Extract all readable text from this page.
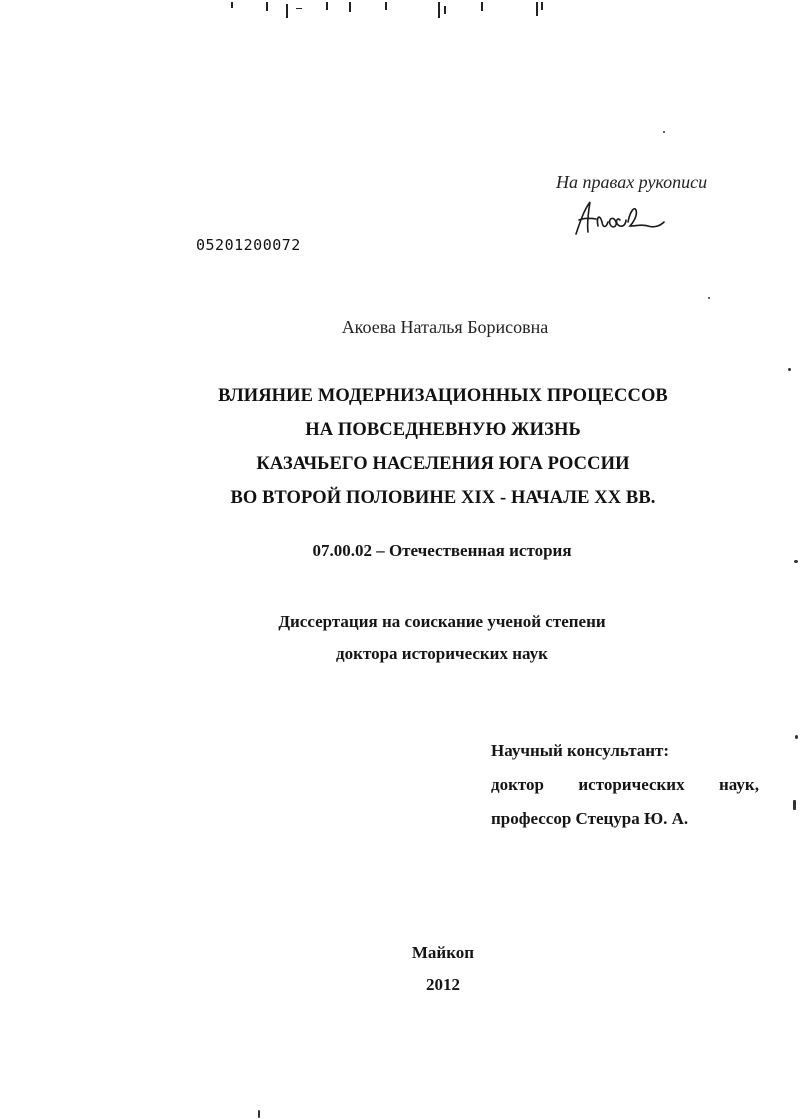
На правах рукописи
05201200072
Акоева Наталья Борисовна
ВЛИЯНИЕ МОДЕРНИЗАЦИОННЫХ ПРОЦЕССОВ
НА ПОВСЕДНЕВНУЮ ЖИЗНЬ
КАЗАЧЬЕГО НАСЕЛЕНИЯ ЮГА РОССИИ
ВО ВТОРОЙ ПОЛОВИНЕ XIX - НАЧАЛЕ XX ВВ.
07.00.02 – Отечественная история
Диссертация на соискание ученой степени
доктора исторических наук
Научный консультант:
доктор исторических наук,
профессор Стецура Ю. А.
Майкоп
2012
